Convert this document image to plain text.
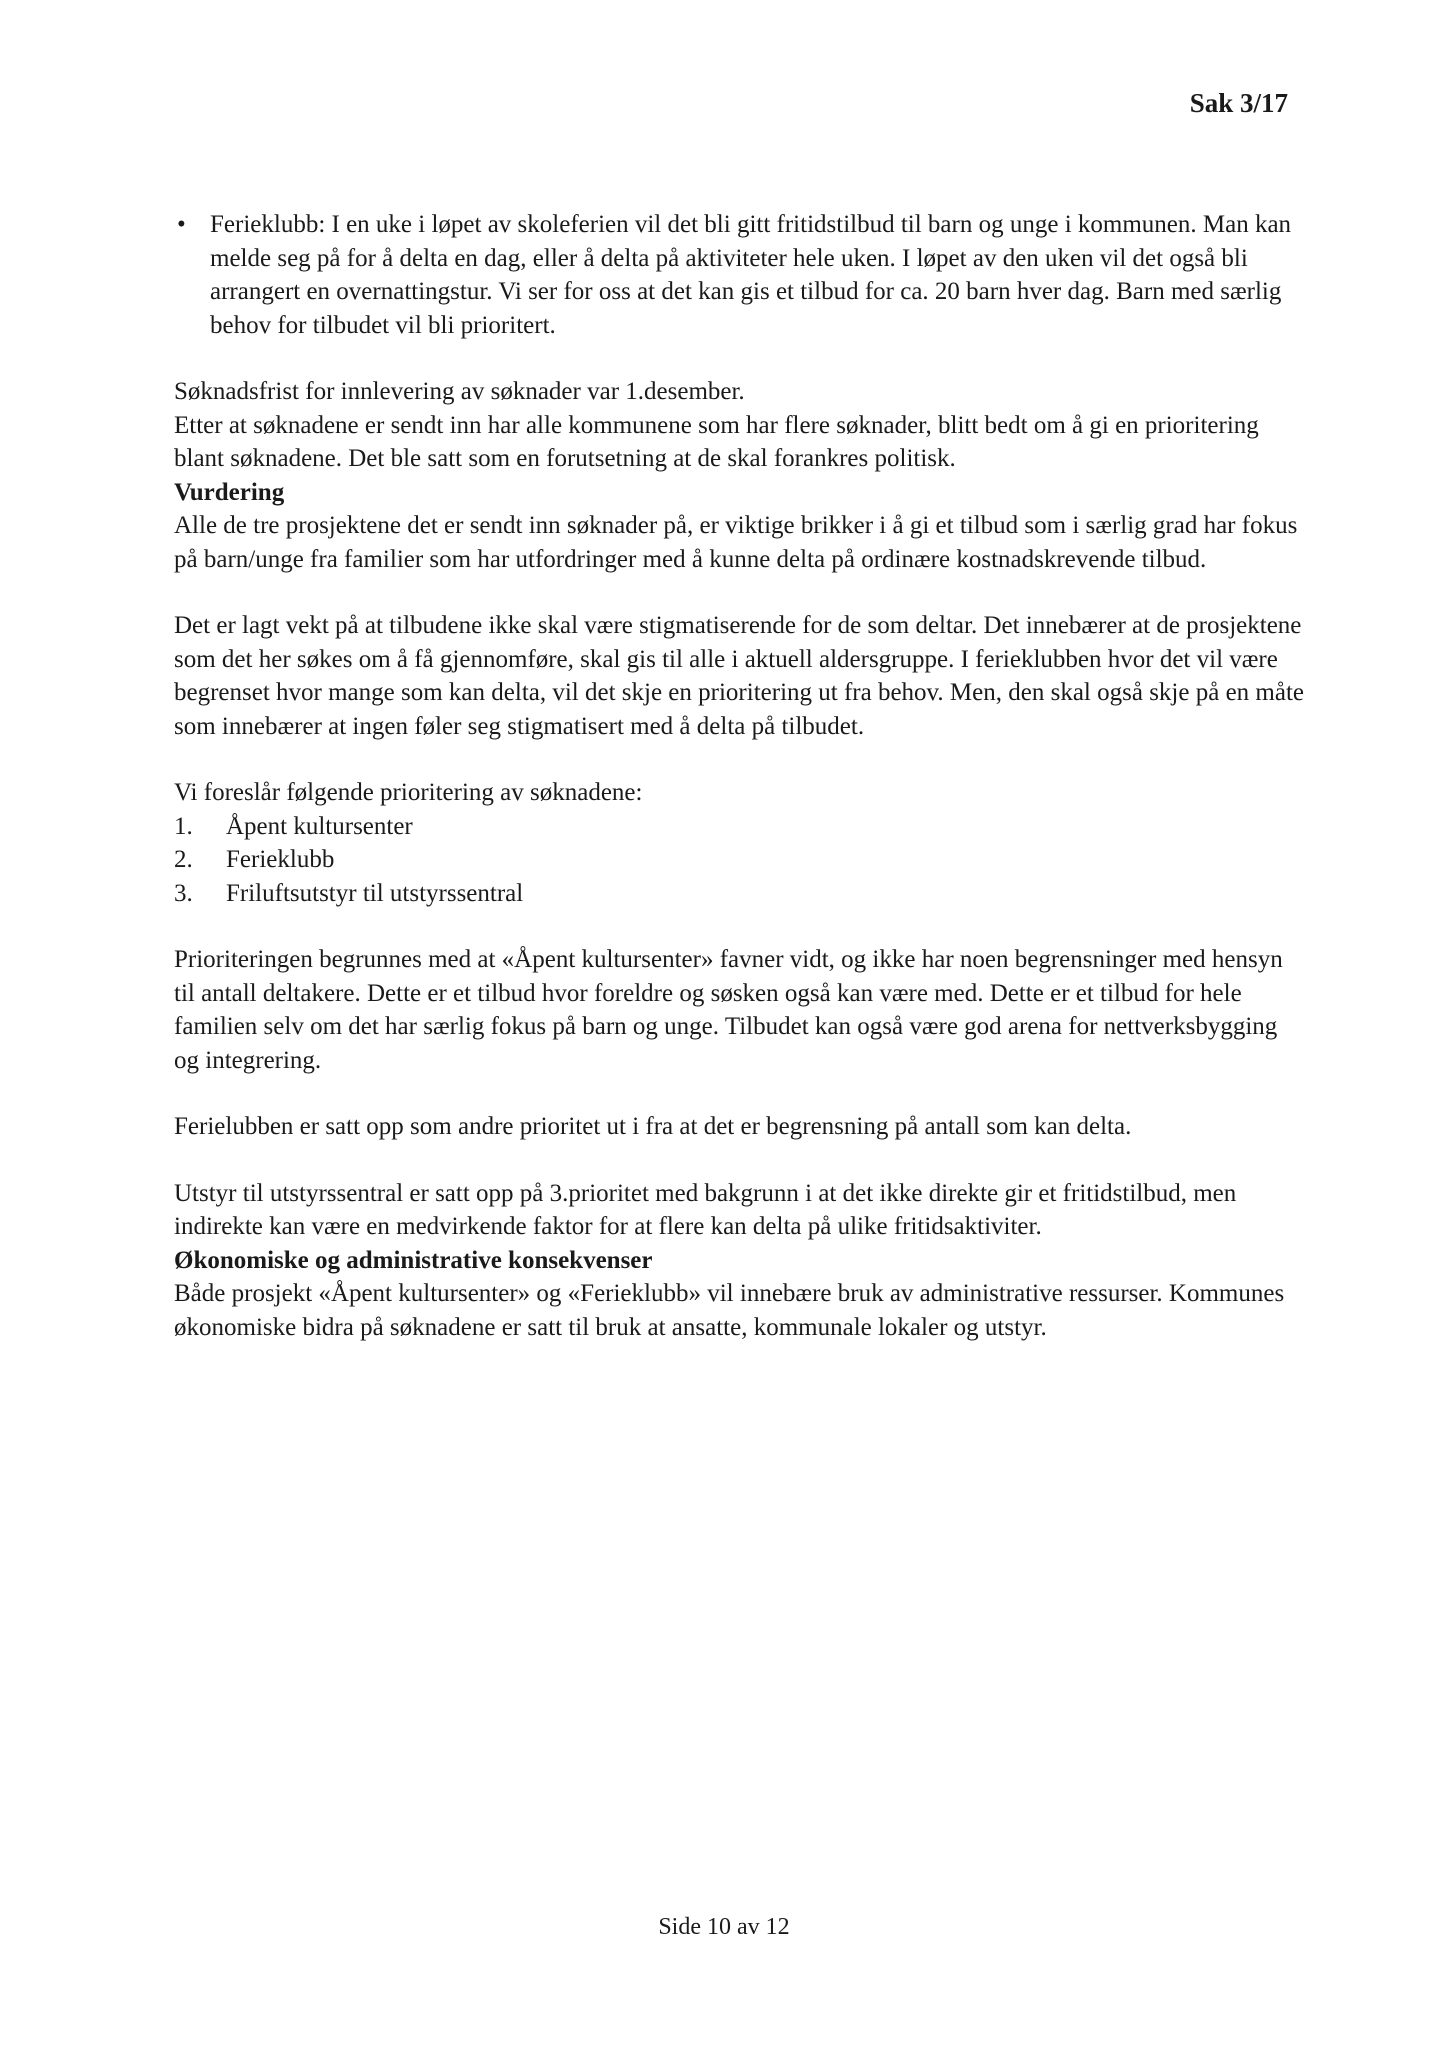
Sak 3/17
• Ferieklubb: I en uke i løpet av skoleferien vil det bli gitt fritidstilbud til barn og unge i kommunen. Man kan melde seg på for å delta en dag, eller å delta på aktiviteter hele uken. I løpet av den uken vil det også bli arrangert en overnattingstur. Vi ser for oss at det kan gis et tilbud for ca. 20 barn hver dag. Barn med særlig behov for tilbudet vil bli prioritert.

Søknadsfrist for innlevering av søknader var 1.desember.

Etter at søknadene er sendt inn har alle kommunene som har flere søknader, blitt bedt om å gi en prioritering blant søknadene. Det ble satt som en forutsetning at de skal forankres politisk.

Vurdering

Alle de tre prosjektene det er sendt inn søknader på, er viktige brikker i å gi et tilbud som i særlig grad har fokus på barn/unge fra familier som har utfordringer med å kunne delta på ordinære kostnadskrevende tilbud.

Det er lagt vekt på at tilbudene ikke skal være stigmatiserende for de som deltar. Det innebærer at de prosjektene som det her søkes om å få gjennomføre, skal gis til alle i aktuell aldersgruppe. I ferieklubben hvor det vil være begrenset hvor mange som kan delta, vil det skje en prioritering ut fra behov. Men, den skal også skje på en måte som innebærer at ingen føler seg stigmatisert med å delta på tilbudet.

Vi foreslår følgende prioritering av søknadene:

1. Åpent kultursenter
2. Ferieklubb
3. Friluftsutstyr til utstyrssentral

Prioriteringen begrunnes med at «Åpent kultursenter» favner vidt, og ikke har noen begrensninger med hensyn til antall deltakere. Dette er et tilbud hvor foreldre og søsken også kan være med. Dette er et tilbud for hele familien selv om det har særlig fokus på barn og unge. Tilbudet kan også være god arena for nettverksbygging og integrering.

Ferielubben er satt opp som andre prioritet ut i fra at det er begrensning på antall som kan delta.

Utstyr til utstyrssentral er satt opp på 3.prioritet med bakgrunn i at det ikke direkte gir et fritidstilbud, men indirekte kan være en medvirkende faktor for at flere kan delta på ulike fritidsaktiviter.

Økonomiske og administrative konsekvenser

Både prosjekt «Åpent kultursenter» og «Ferieklubb» vil innebære bruk av administrative ressurser. Kommunes økonomiske bidra på søknadene er satt til bruk at ansatte, kommunale lokaler og utstyr.

Side 10 av 12
